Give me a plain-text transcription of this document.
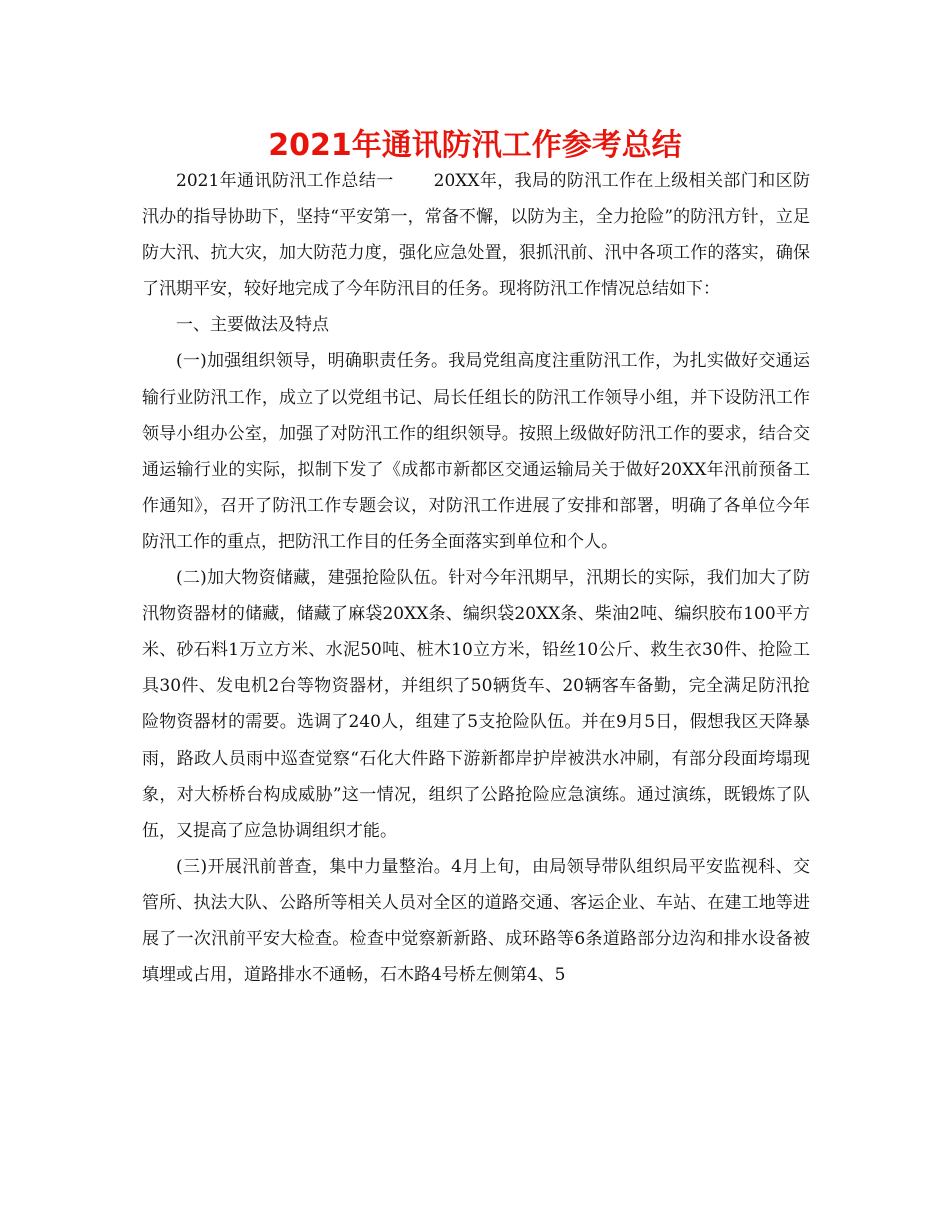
2021年通讯防汛工作参考总结

2021年通讯防汛工作总结一 20XX年，我局的防汛工作在上级相关部门和区防汛办的指导协助下，坚持“平安第一，常备不懈，以防为主，全力抢险”的防汛方针，立足防大汛、抗大灾，加大防范力度，强化应急处置，狠抓汛前、汛中各项工作的落实，确保了汛期平安，较好地完成了今年防汛目的任务。现将防汛工作情况总结如下：

一、主要做法及特点

(一)加强组织领导，明确职责任务。我局党组高度注重防汛工作，为扎实做好交通运输行业防汛工作，成立了以党组书记、局长任组长的防汛工作领导小组，并下设防汛工作领导小组办公室，加强了对防汛工作的组织领导。按照上级做好防汛工作的要求，结合交通运输行业的实际，拟制下发了《成都市新都区交通运输局关于做好20XX年汛前预备工作通知》，召开了防汛工作专题会议，对防汛工作进展了安排和部署，明确了各单位今年防汛工作的重点，把防汛工作目的任务全面落实到单位和个人。

(二)加大物资储藏，建强抢险队伍。针对今年汛期早，汛期长的实际，我们加大了防汛物资器材的储藏，储藏了麻袋20XX条、编织袋20XX条、柴油2吨、编织胶布100平方米、砂石料1万立方米、水泥50吨、桩木10立方米，铅丝10公斤、救生衣30件、抢险工具30件、发电机2台等物资器材，并组织了50辆货车、20辆客车备勤，完全满足防汛抢险物资器材的需要。选调了240人，组建了5支抢险队伍。并在9月5日，假想我区天降暴雨，路政人员雨中巡查觉察“石化大件路下游新都岸护岸被洪水冲刷，有部分段面垮塌现象，对大桥桥台构成威胁”这一情况，组织了公路抢险应急演练。通过演练，既锻炼了队伍，又提高了应急协调组织才能。

(三)开展汛前普查，集中力量整治。4月上旬，由局领导带队组织局平安监视科、交管所、执法大队、公路所等相关人员对全区的道路交通、客运企业、车站、在建工地等进展了一次汛前平安大检查。检查中觉察新新路、成环路等6条道路部分边沟和排水设备被填埋或占用，道路排水不通畅，石木路4号桥左侧第4、5
